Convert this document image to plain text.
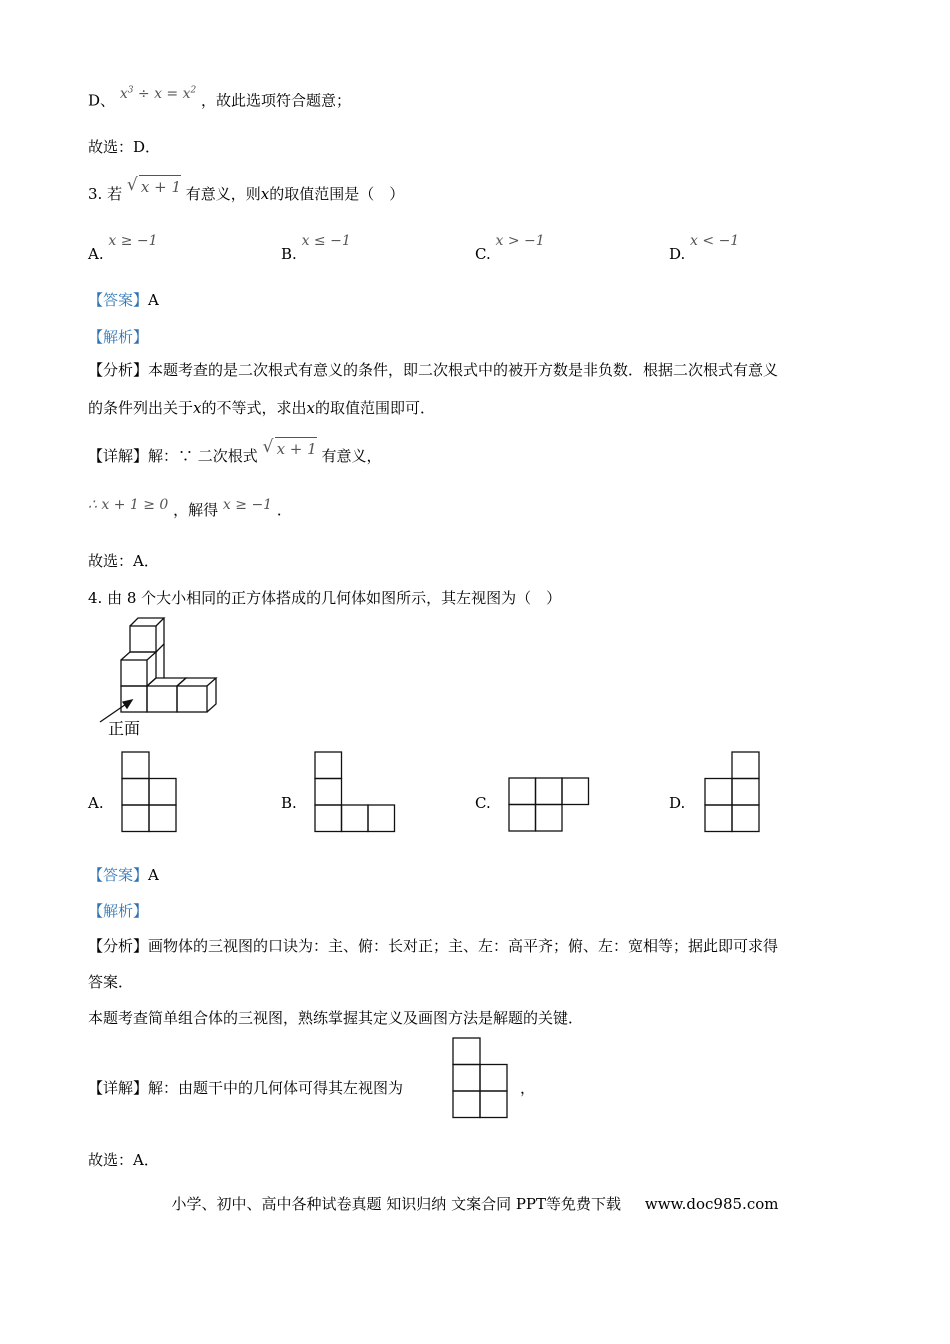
D、 $x^3 \div x = x^2$ ，故此选项符合题意；
故选：D．
3. 若 √ x + 1 有意义，则x的取值范围是（　）
A. x ≥ −1
B. x ≤ −1
C. x > −1
D. x < −1
【答案】A
【解析】
【分析】本题考查的是二次根式有意义的条件，即二次根式中的被开方数是非负数．根据二次根式有意义
的条件列出关于x的不等式，求出x的取值范围即可．
【详解】解：∵ 二次根式 √ x + 1 有意义，
∴ x + 1 ≥ 0 ，解得 x ≥ −1 ．
故选：A．
4. 由 8 个大小相同的正方体搭成的几何体如图所示，其左视图为（　）
正面
A.	B.	C.	D.
【答案】A
【解析】
【分析】画物体的三视图的口诀为：主、俯：长对正；主、左：高平齐；俯、左：宽相等；据此即可求得
答案．
本题考查简单组合体的三视图，熟练掌握其定义及画图方法是解题的关键．
【详解】解：由题干中的几何体可得其左视图为	，
故选：A．
小学、初中、高中各种试卷真题 知识归纳 文案合同 PPT等免费下载 www.doc985.com
